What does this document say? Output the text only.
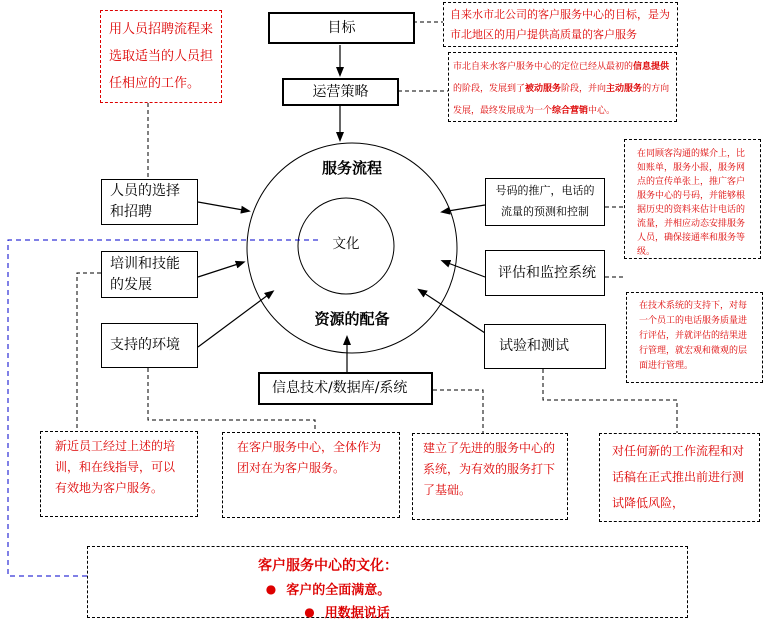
目标
运营策略
服务流程
文化
资源的配备
人员的选择和招聘
培训和技能的发展
支持的环境
号码的推广，电话的流量的预测和控制
评估和监控系统
试验和测试
信息技术/数据库/系统
用人员招聘流程来选取适当的人员担任相应的工作。
自来水市北公司的客户服务中心的目标，是为市北地区的用户提供高质量的客户服务
市北自来水客户服务中心的定位已经从最初的信息提供的阶段，发展到了被动服务阶段，并向主动服务的方向发展，最终发展成为一个综合营销中心。
在同顾客沟通的媒介上，比如账单，服务小报，服务网点的宣传单张上，推广客户服务中心的号码，并能够根据历史的资料来估计电话的流量，并相应动态安排服务人员，确保接通率和服务等级。
在技术系统的支持下，对每一个员工的电话服务质量进行评估，并就评估的结果进行管理，就宏观和微观的层面进行管理。
新近员工经过上述的培训，和在线指导，可以有效地为客户服务。
在客户服务中心，全体作为团对在为客户服务。
建立了先进的服务中心的系统，为有效的服务打下了基础。
对任何新的工作流程和对话稿在正式推出前进行测试降低风险，
客户服务中心的文化：
● 客户的全面满意。
● 用数据说话
